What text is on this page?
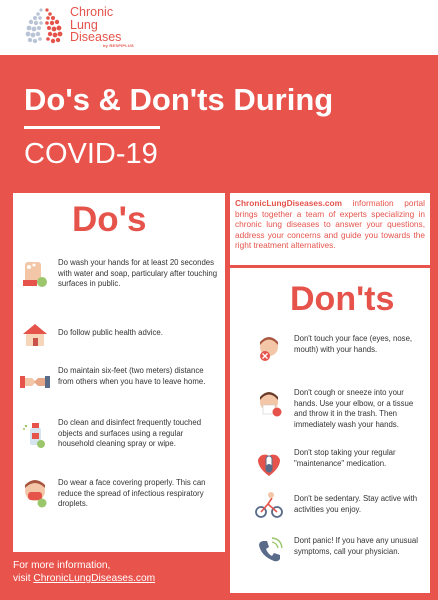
Chronic
Lung
Diseases
by RESPIPLUS
Do's & Don'ts During
COVID-19
Do's
Don'ts
ChronicLungDiseases.com information portal brings together a team of experts specializing in chronic lung diseases to answer your questions, address your concerns and guide you towards the right treatment alternatives.
Do wash your hands for at least 20 secondes with water and soap, particulary after touching surfaces in public.
Do follow public health advice.
Do maintain six-feet (two meters) distance from others when you have to leave home.
Do clean and disinfect frequently touched objects and surfaces using a regular household cleaning spray or wipe.
Do wear a face covering properly. This can reduce the spread of infectious respiratory droplets.
Don't touch your face (eyes, nose, mouth) with your hands.
Don't cough or sneeze into your hands. Use your elbow, or a tissue and throw it in the trash. Then immediately wash your hands.
Don't stop taking your regular "maintenance" medication.
Don't be sedentary. Stay active with activities you enjoy.
Dont panic! If you have any unusual symptoms, call your physician.
For more information,
visit ChronicLungDiseases.com
